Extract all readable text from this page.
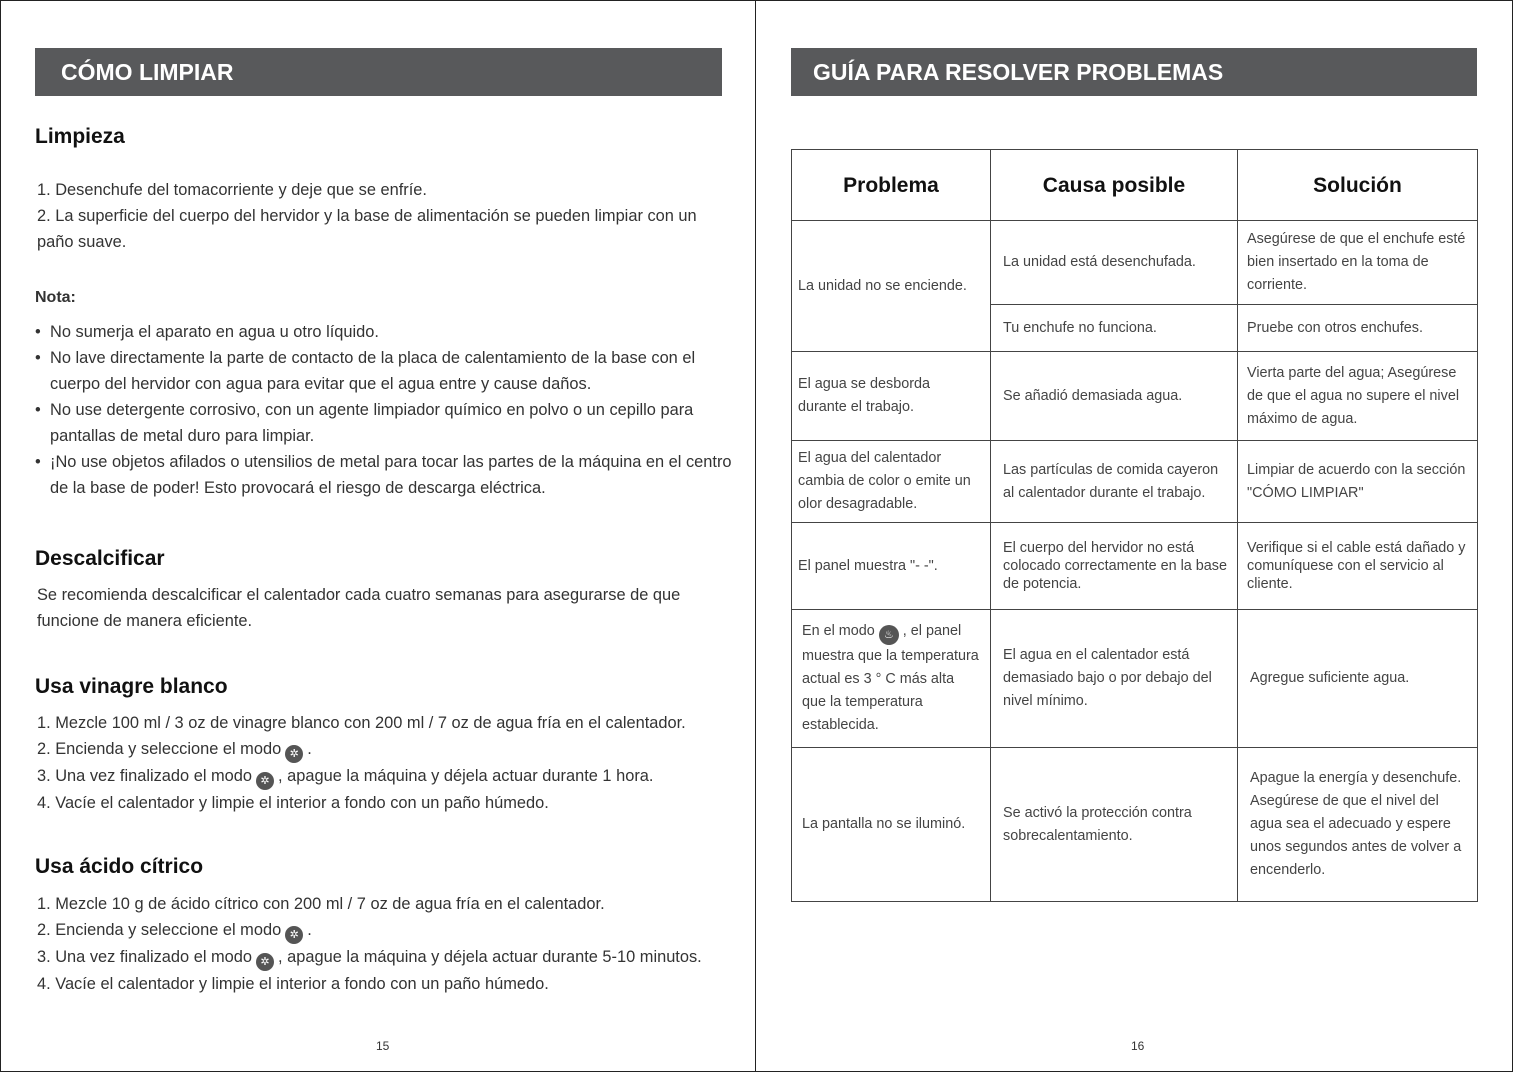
CÓMO LIMPIAR
Limpieza
1. Desenchufe del tomacorriente y deje que se enfríe.
2. La superficie del cuerpo del hervidor y la base de alimentación se pueden limpiar con un paño suave.
Nota:
• No sumerja el aparato en agua u otro líquido.
• No lave directamente la parte de contacto de la placa de calentamiento de la base con el cuerpo del hervidor con agua para evitar que el agua entre y cause daños.
• No use detergente corrosivo, con un agente limpiador químico en polvo o un cepillo para pantallas de metal duro para limpiar.
• ¡No use objetos afilados o utensilios de metal para tocar las partes de la máquina en el centro de la base de poder! Esto provocará el riesgo de descarga eléctrica.
Descalcificar
Se recomienda descalcificar el calentador cada cuatro semanas para asegurarse de que funcione de manera eficiente.
Usa vinagre blanco
1. Mezcle 100 ml / 3 oz de vinagre blanco con 200 ml / 7 oz de agua fría en el calentador.
2. Encienda y seleccione el modo ✲ .
3. Una vez finalizado el modo ✲ , apague la máquina y déjela actuar durante 1 hora.
4. Vacíe el calentador y limpie el interior a fondo con un paño húmedo.
Usa ácido cítrico
1. Mezcle 10 g de ácido cítrico con 200 ml / 7 oz de agua fría en el calentador.
2. Encienda y seleccione el modo ✲ .
3. Una vez finalizado el modo ✲ , apague la máquina y déjela actuar durante 5-10 minutos.
4. Vacíe el calentador y limpie el interior a fondo con un paño húmedo.
15
GUÍA PARA RESOLVER PROBLEMAS
Problema	Causa posible	Solución
La unidad no se enciende.	La unidad está desenchufada.	Asegúrese de que el enchufe esté bien insertado en la toma de corriente.
	Tu enchufe no funciona.	Pruebe con otros enchufes.
El agua se desborda durante el trabajo.	Se añadió demasiada agua.	Vierta parte del agua; Asegúrese de que el agua no supere el nivel máximo de agua.
El agua del calentador cambia de color o emite un olor desagradable.	Las partículas de comida cayeron al calentador durante el trabajo.	Limpiar de acuerdo con la sección "CÓMO LIMPIAR"
El panel muestra "- -".	El cuerpo del hervidor no está colocado correctamente en la base de potencia.	Verifique si el cable está dañado y comuníquese con el servicio al cliente.
En el modo ♨ , el panel muestra que la temperatura actual es 3 ° C más alta que la temperatura establecida.	El agua en el calentador está demasiado bajo o por debajo del nivel mínimo.	Agregue suficiente agua.
La pantalla no se iluminó.	Se activó la protección contra sobrecalentamiento.	Apague la energía y desenchufe. Asegúrese de que el nivel del agua sea el adecuado y espere unos segundos antes de volver a encenderlo.
16
